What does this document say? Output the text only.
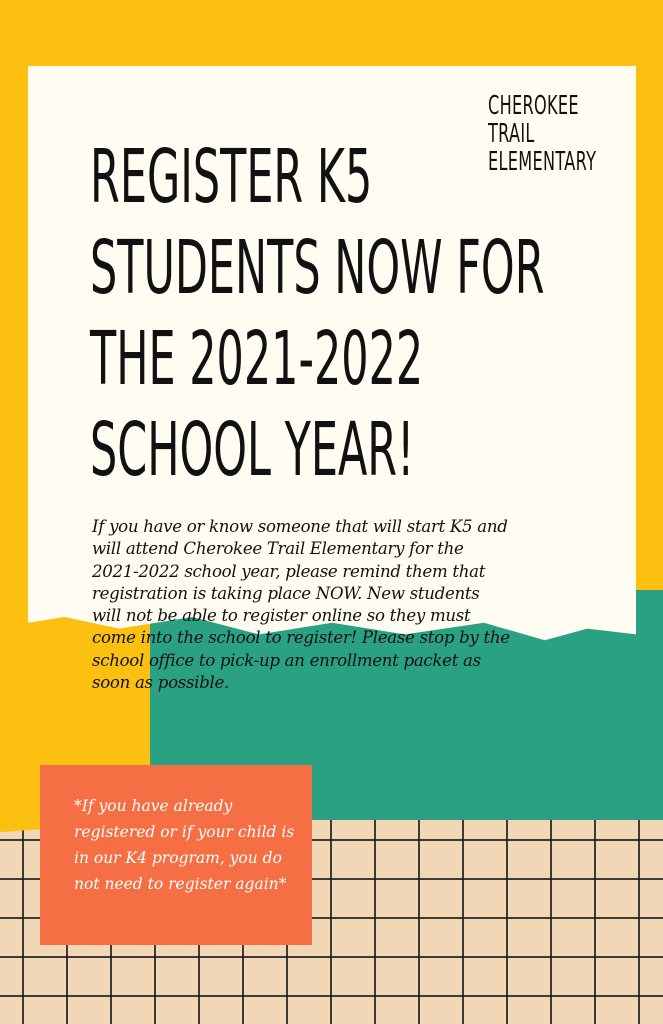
CHEROKEE
TRAIL
ELEMENTARY
REGISTER K5
STUDENTS NOW FOR
THE 2021-2022
SCHOOL YEAR!

If you have or know someone that will start K5 and will attend Cherokee Trail Elementary for the 2021-2022 school year, please remind them that registration is taking place NOW. New students will not be able to register online so they must come into the school to register! Please stop by the school office to pick-up an enrollment packet as soon as possible.

*If you have already registered or if your child is in our K4 program, you do not need to register again*
